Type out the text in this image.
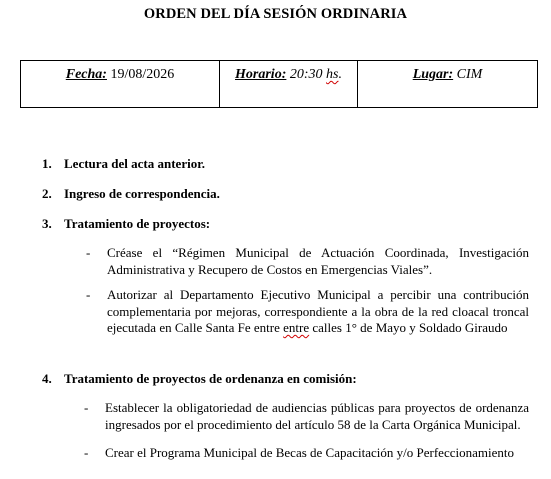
ORDEN DEL DÍA SESIÓN ORDINARIA
Fecha: 19/08/2026	Horario: 20:30 hs.	Lugar: CIM
1. Lectura del acta anterior.
2. Ingreso de correspondencia.
3. Tratamiento de proyectos:
- Créase el “Régimen Municipal de Actuación Coordinada, Investigación
Administrativa y Recupero de Costos en Emergencias Viales”.
- Autorizar al Departamento Ejecutivo Municipal a percibir una contribución
complementaria por mejoras, correspondiente a la obra de la red cloacal troncal
ejecutada en Calle Santa Fe entre entre calles 1° de Mayo y Soldado Giraudo
4. Tratamiento de proyectos de ordenanza en comisión:
- Establecer la obligatoriedad de audiencias públicas para proyectos de ordenanza
ingresados por el procedimiento del artículo 58 de la Carta Orgánica Municipal.
- Crear el Programa Municipal de Becas de Capacitación y/o Perfeccionamiento
